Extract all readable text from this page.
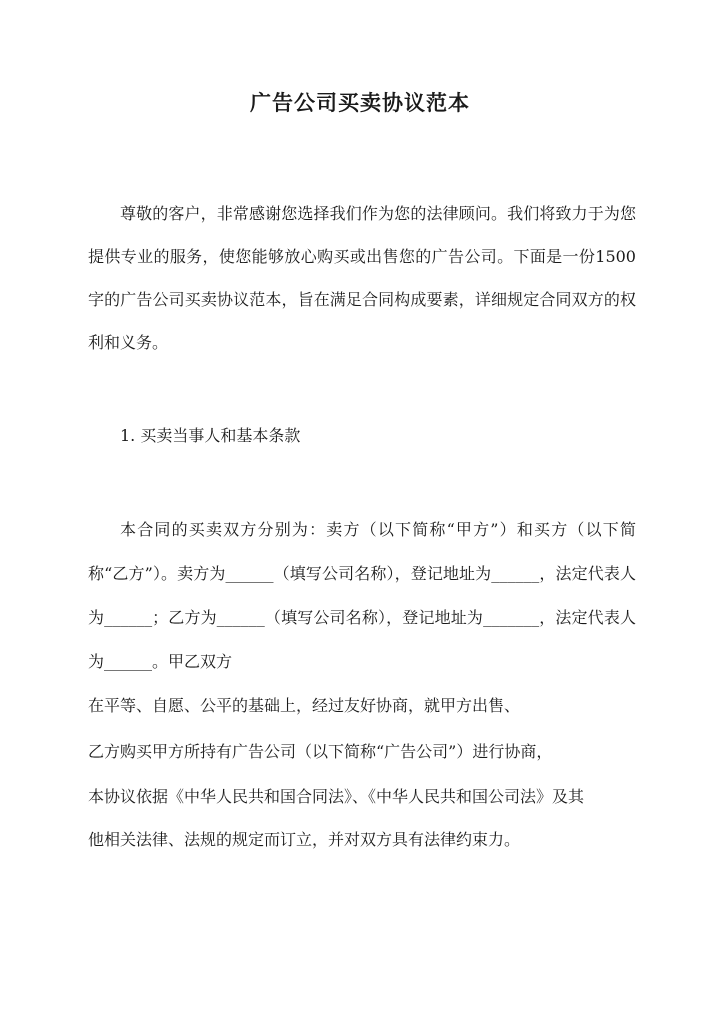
广告公司买卖协议范本

尊敬的客户，非常感谢您选择我们作为您的法律顾问。我们将致力于为您提供专业的服务，使您能够放心购买或出售您的广告公司。下面是一份1500字的广告公司买卖协议范本，旨在满足合同构成要素，详细规定合同双方的权利和义务。

1. 买卖当事人和基本条款

本合同的买卖双方分别为：卖方（以下简称“甲方”）和买方（以下简称“乙方”）。卖方为______（填写公司名称），登记地址为______，法定代表人为______；乙方为______（填写公司名称），登记地址为_______，法定代表人为______。甲乙双方

在平等、自愿、公平的基础上，经过友好协商，就甲方出售、
乙方购买甲方所持有广告公司（以下简称“广告公司”）进行协商，
本协议依据《中华人民共和国合同法》、《中华人民共和国公司法》及其
他相关法律、法规的规定而订立，并对双方具有法律约束力。
